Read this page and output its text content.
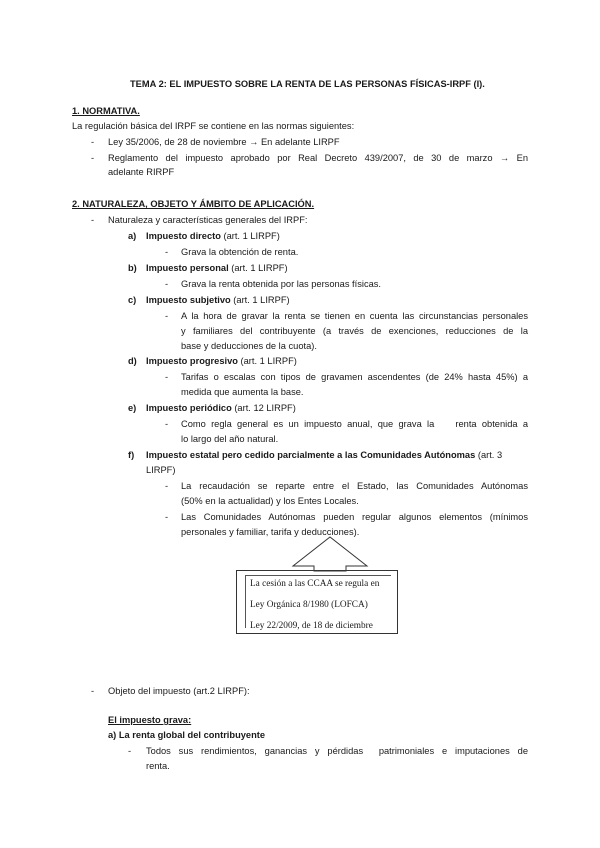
TEMA 2: EL IMPUESTO SOBRE LA RENTA DE LAS PERSONAS FÍSICAS-IRPF (I).
1. NORMATIVA.
La regulación básica del IRPF se contiene en las normas siguientes:
- Ley 35/2006, de 28 de noviembre → En adelante LIRPF
- Reglamento del impuesto aprobado por Real Decreto 439/2007, de 30 de marzo → En
adelante RIRPF
2. NATURALEZA, OBJETO Y ÁMBITO DE APLICACIÓN.
- Naturaleza y características generales del IRPF:
a) Impuesto directo (art. 1 LIRPF)
- Grava la obtención de renta.
b) Impuesto personal (art. 1 LIRPF)
- Grava la renta obtenida por las personas físicas.
c) Impuesto subjetivo (art. 1 LIRPF)
- A la hora de gravar la renta se tienen en cuenta las circunstancias personales
y familiares del contribuyente (a través de exenciones, reducciones de la
base y deducciones de la cuota).
d) Impuesto progresivo (art. 1 LIRPF)
- Tarifas o escalas con tipos de gravamen ascendentes (de 24% hasta 45%) a
medida que aumenta la base.
e) Impuesto periódico (art. 12 LIRPF)
- Como regla general es un impuesto anual, que grava la    renta obtenida a
lo largo del año natural.
f) Impuesto estatal pero cedido parcialmente a las Comunidades Autónomas (art. 3
LIRPF)
- La recaudación se reparte entre el Estado, las Comunidades Autónomas
(50% en la actualidad) y los Entes Locales.
- Las Comunidades Autónomas pueden regular algunos elementos (mínimos
personales y familiar, tarifa y deducciones).
La cesión a las CCAA se regula en
Ley Orgánica 8/1980 (LOFCA)
Ley 22/2009, de 18 de diciembre
- Objeto del impuesto (art.2 LIRPF):
El impuesto grava:
a) La renta global del contribuyente
- Todos sus rendimientos, ganancias y pérdidas  patrimoniales e imputaciones de
renta.
